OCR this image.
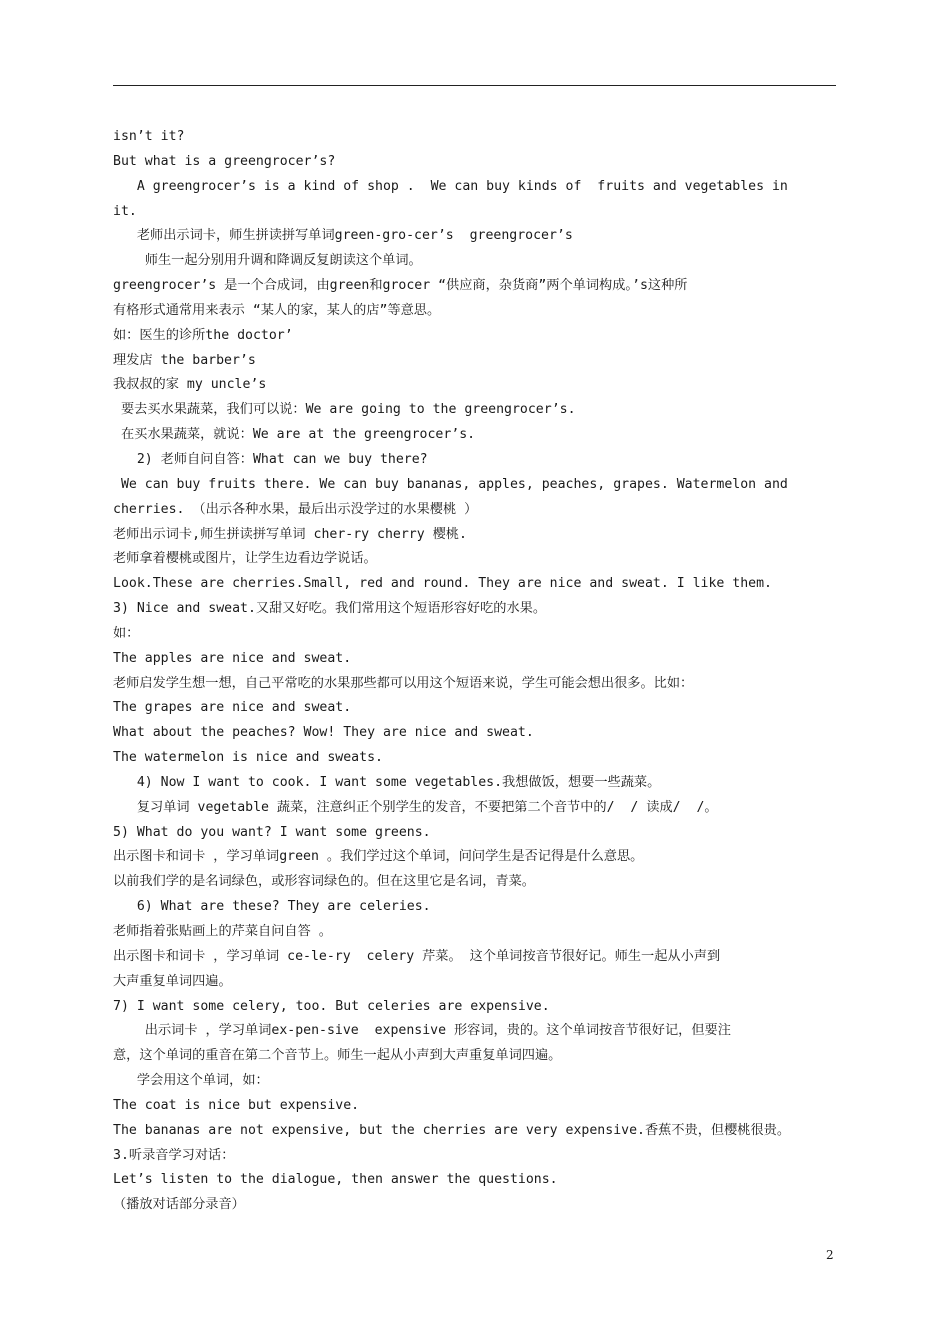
isn’t it?
But what is a greengrocer’s?
A greengrocer’s is a kind of shop .  We can buy kinds of  fruits and vegetables in
it.
老师出示词卡，师生拼读拼写单词green-gro-cer’s  greengrocer’s
师生一起分别用升调和降调反复朗读这个单词。
greengrocer’s 是一个合成词，由green和grocer “供应商，杂货商”两个单词构成。’s这种所
有格形式通常用来表示 “某人的家，某人的店”等意思。
如：医生的诊所the doctor’
理发店 the barber’s
我叔叔的家 my uncle’s
要去买水果蔬菜，我们可以说：We are going to the greengrocer’s.
在买水果蔬菜，就说：We are at the greengrocer’s.
2) 老师自问自答：What can we buy there?
We can buy fruits there. We can buy bananas, apples, peaches, grapes. Watermelon and
cherries. （出示各种水果，最后出示没学过的水果樱桃 ）
老师出示词卡,师生拼读拼写单词 cher-ry cherry 樱桃.
老师拿着樱桃或图片，让学生边看边学说话。
Look.These are cherries.Small, red and round. They are nice and sweat. I like them.
3) Nice and sweat.又甜又好吃。我们常用这个短语形容好吃的水果。
如：
The apples are nice and sweat.
老师启发学生想一想，自己平常吃的水果那些都可以用这个短语来说，学生可能会想出很多。比如：
The grapes are nice and sweat.
What about the peaches? Wow! They are nice and sweat.
The watermelon is nice and sweats.
4) Now I want to cook. I want some vegetables.我想做饭，想要一些蔬菜。
复习单词 vegetable 蔬菜，注意纠正个别学生的发音，不要把第二个音节中的/  / 读成/  /。
5) What do you want? I want some greens.
出示图卡和词卡 ，学习单词green 。我们学过这个单词，问问学生是否记得是什么意思。
以前我们学的是名词绿色，或形容词绿色的。但在这里它是名词，青菜。
6) What are these? They are celeries.
老师指着张贴画上的芹菜自问自答 。
出示图卡和词卡 ，学习单词 ce-le-ry  celery 芹菜。 这个单词按音节很好记。师生一起从小声到
大声重复单词四遍。
7) I want some celery, too. But celeries are expensive.
出示词卡 ，学习单词ex-pen-sive  expensive 形容词，贵的。这个单词按音节很好记，但要注
意，这个单词的重音在第二个音节上。师生一起从小声到大声重复单词四遍。
学会用这个单词，如：
The coat is nice but expensive.
The bananas are not expensive, but the cherries are very expensive.香蕉不贵，但樱桃很贵。
3.听录音学习对话：
Let’s listen to the dialogue, then answer the questions.
（播放对话部分录音）
2
